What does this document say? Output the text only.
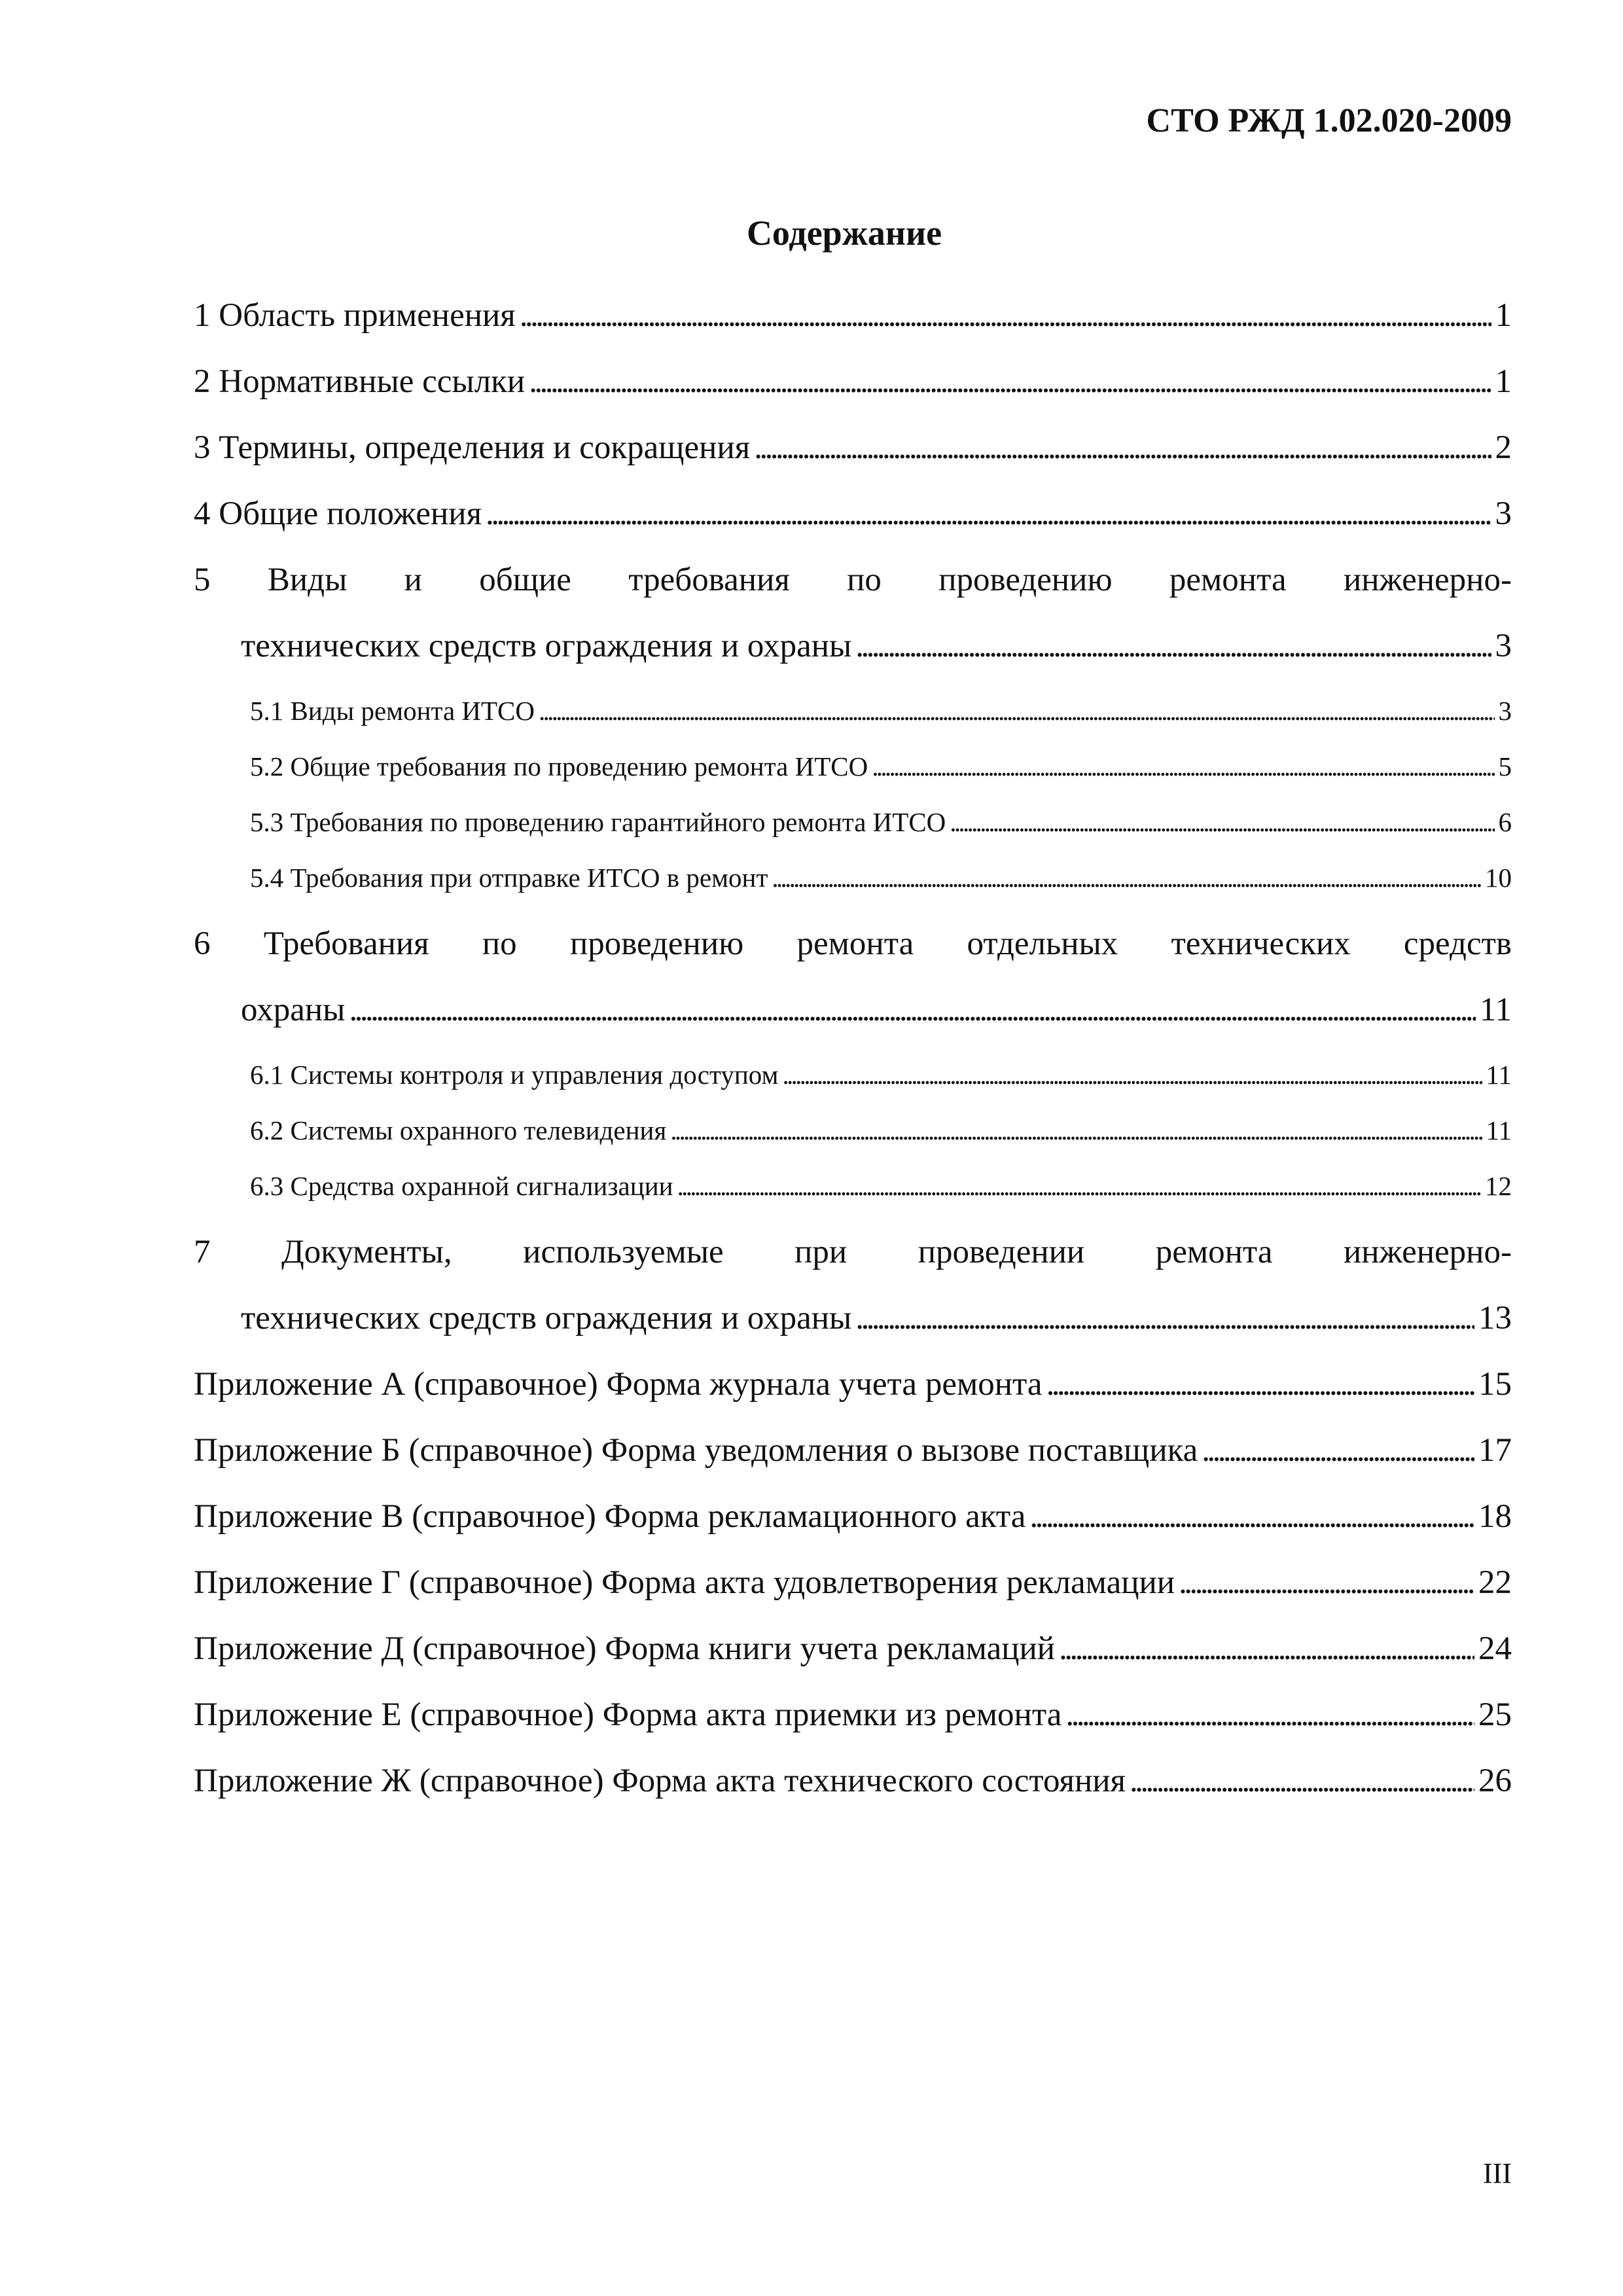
СТО РЖД 1.02.020-2009
Содержание
1 Область применения . . .	1
2 Нормативные ссылки . . .	1
3 Термины, определения и сокращения . . .	2
4 Общие положения . . .	3
5 Виды и общие требования по проведению ремонта инженерно-
технических средств ограждения и охраны . . .	3
5.1 Виды ремонта ИТСО . . .	3
5.2 Общие требования по проведению ремонта ИТСО . . .	5
5.3 Требования по проведению гарантийного ремонта ИТСО . . .	6
5.4 Требования при отправке ИТСО в ремонт . . .	10
6 Требования по проведению ремонта отдельных технических средств
охраны . . .	11
6.1 Системы контроля и управления доступом . . .	11
6.2 Системы охранного телевидения . . .	11
6.3 Средства охранной сигнализации . . .	12
7 Документы, используемые при проведении ремонта инженерно-
технических средств ограждения и охраны . . .	13
Приложение А (справочное) Форма журнала учета ремонта . . .	15
Приложение Б (справочное) Форма уведомления о вызове поставщика . . .	17
Приложение В (справочное) Форма рекламационного акта . . .	18
Приложение Г (справочное) Форма акта удовлетворения рекламации . . .	22
Приложение Д (справочное) Форма книги учета рекламаций . . .	24
Приложение Е (справочное) Форма акта приемки из ремонта . . .	25
Приложение Ж (справочное) Форма акта технического состояния . . .	26
III
